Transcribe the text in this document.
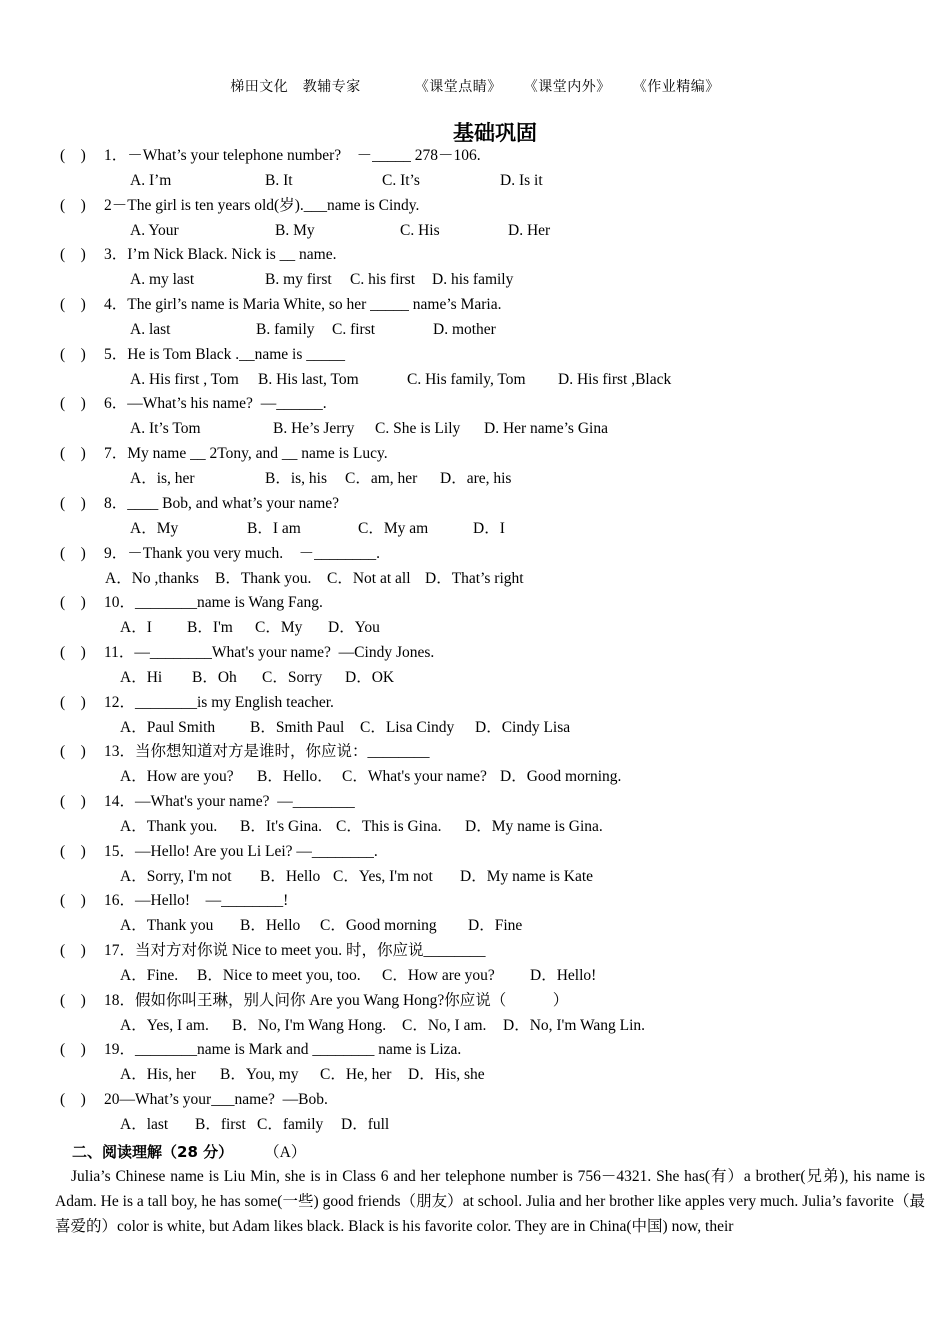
梯田文化　教辅专家	《课堂点睛》 《课堂内外》 《作业精编》
基础巩固
(　) 1．－What’s your telephone number?　－_____ 278－106.
A. I’m	B. It	C. It’s	D. Is it
(　) 2－The girl is ten years old(岁).___name is Cindy.
A. Your	B. My	C. His	D. Her
(　) 3．I’m Nick Black. Nick is __ name.
A. my last	B. my first C. his first D. his family
(　) 4．The girl’s name is Maria White, so her _____ name’s Maria.
A. last	B. family C. first	D. mother
(　) 5．He is Tom Black .__name is _____
A. His first , Tom B. His last, Tom	C. His family, Tom D. His first ,Black
(　) 6．—What’s his name?  —______.
A. It’s Tom	B. He’s Jerry C. She is Lily D. Her name’s Gina
(　) 7．My name __ 2Tony, and __ name is Lucy.
A．is, her	B．is, his C．am, her D．are, his
(　) 8．____ Bob, and what’s your name?
A．My	B．I am	C．My am	D．I
(　) 9．－Thank you very much.　－________.
A．No ,thanks B．Thank you. C．Not at all D．That’s right
(　) 10．________name is Wang Fang.
A．I B．I'm C．My D．You
(　) 11．—________What's your name?  —Cindy Jones.
A．Hi B．Oh C．Sorry D．OK
(　) 12．________is my English teacher.
A．Paul Smith B．Smith Paul C．Lisa Cindy D．Cindy Lisa
(　) 13．当你想知道对方是谁时，你应说：________
A．How are you? B．Hello． C．What's your name? D．Good morning.
(　) 14．—What's your name?  —________
A．Thank you. B．It's Gina. C．This is Gina. D．My name is Gina.
(　) 15．—Hello! Are you Li Lei? —________.
A．Sorry, I'm not B．Hello C．Yes, I'm not D．My name is Kate
(　) 16．—Hello!　—________!
A．Thank you B．Hello C．Good morning D．Fine
(　) 17．当对方对你说 Nice to meet you. 时，你应说________
A．Fine. B．Nice to meet you, too. C．How are you? D．Hello!
(　) 18．假如你叫王琳，别人问你 Are you Wang Hong?你应说（　　　）
A．Yes, I am. B．No, I'm Wang Hong. C．No, I am. D．No, I'm Wang Lin.
(　) 19．________name is Mark and ________ name is Liza.
A．His, her B．You, my C．He, her D．His, she
(　) 20—What’s your___name?  —Bob.
A．last B．first C．family D．full
二、阅读理解（28 分） （A）
Julia’s Chinese name is Liu Min, she is in Class 6 and her telephone number is 756－4321. She has(有）a brother(兄弟), his name is Adam. He is a tall boy, he has some(一些) good friends（朋友）at school. Julia and her brother like apples very much. Julia’s favorite（最喜爱的）color is white, but Adam likes black. Black is his favorite color. They are in China(中国) now, their
